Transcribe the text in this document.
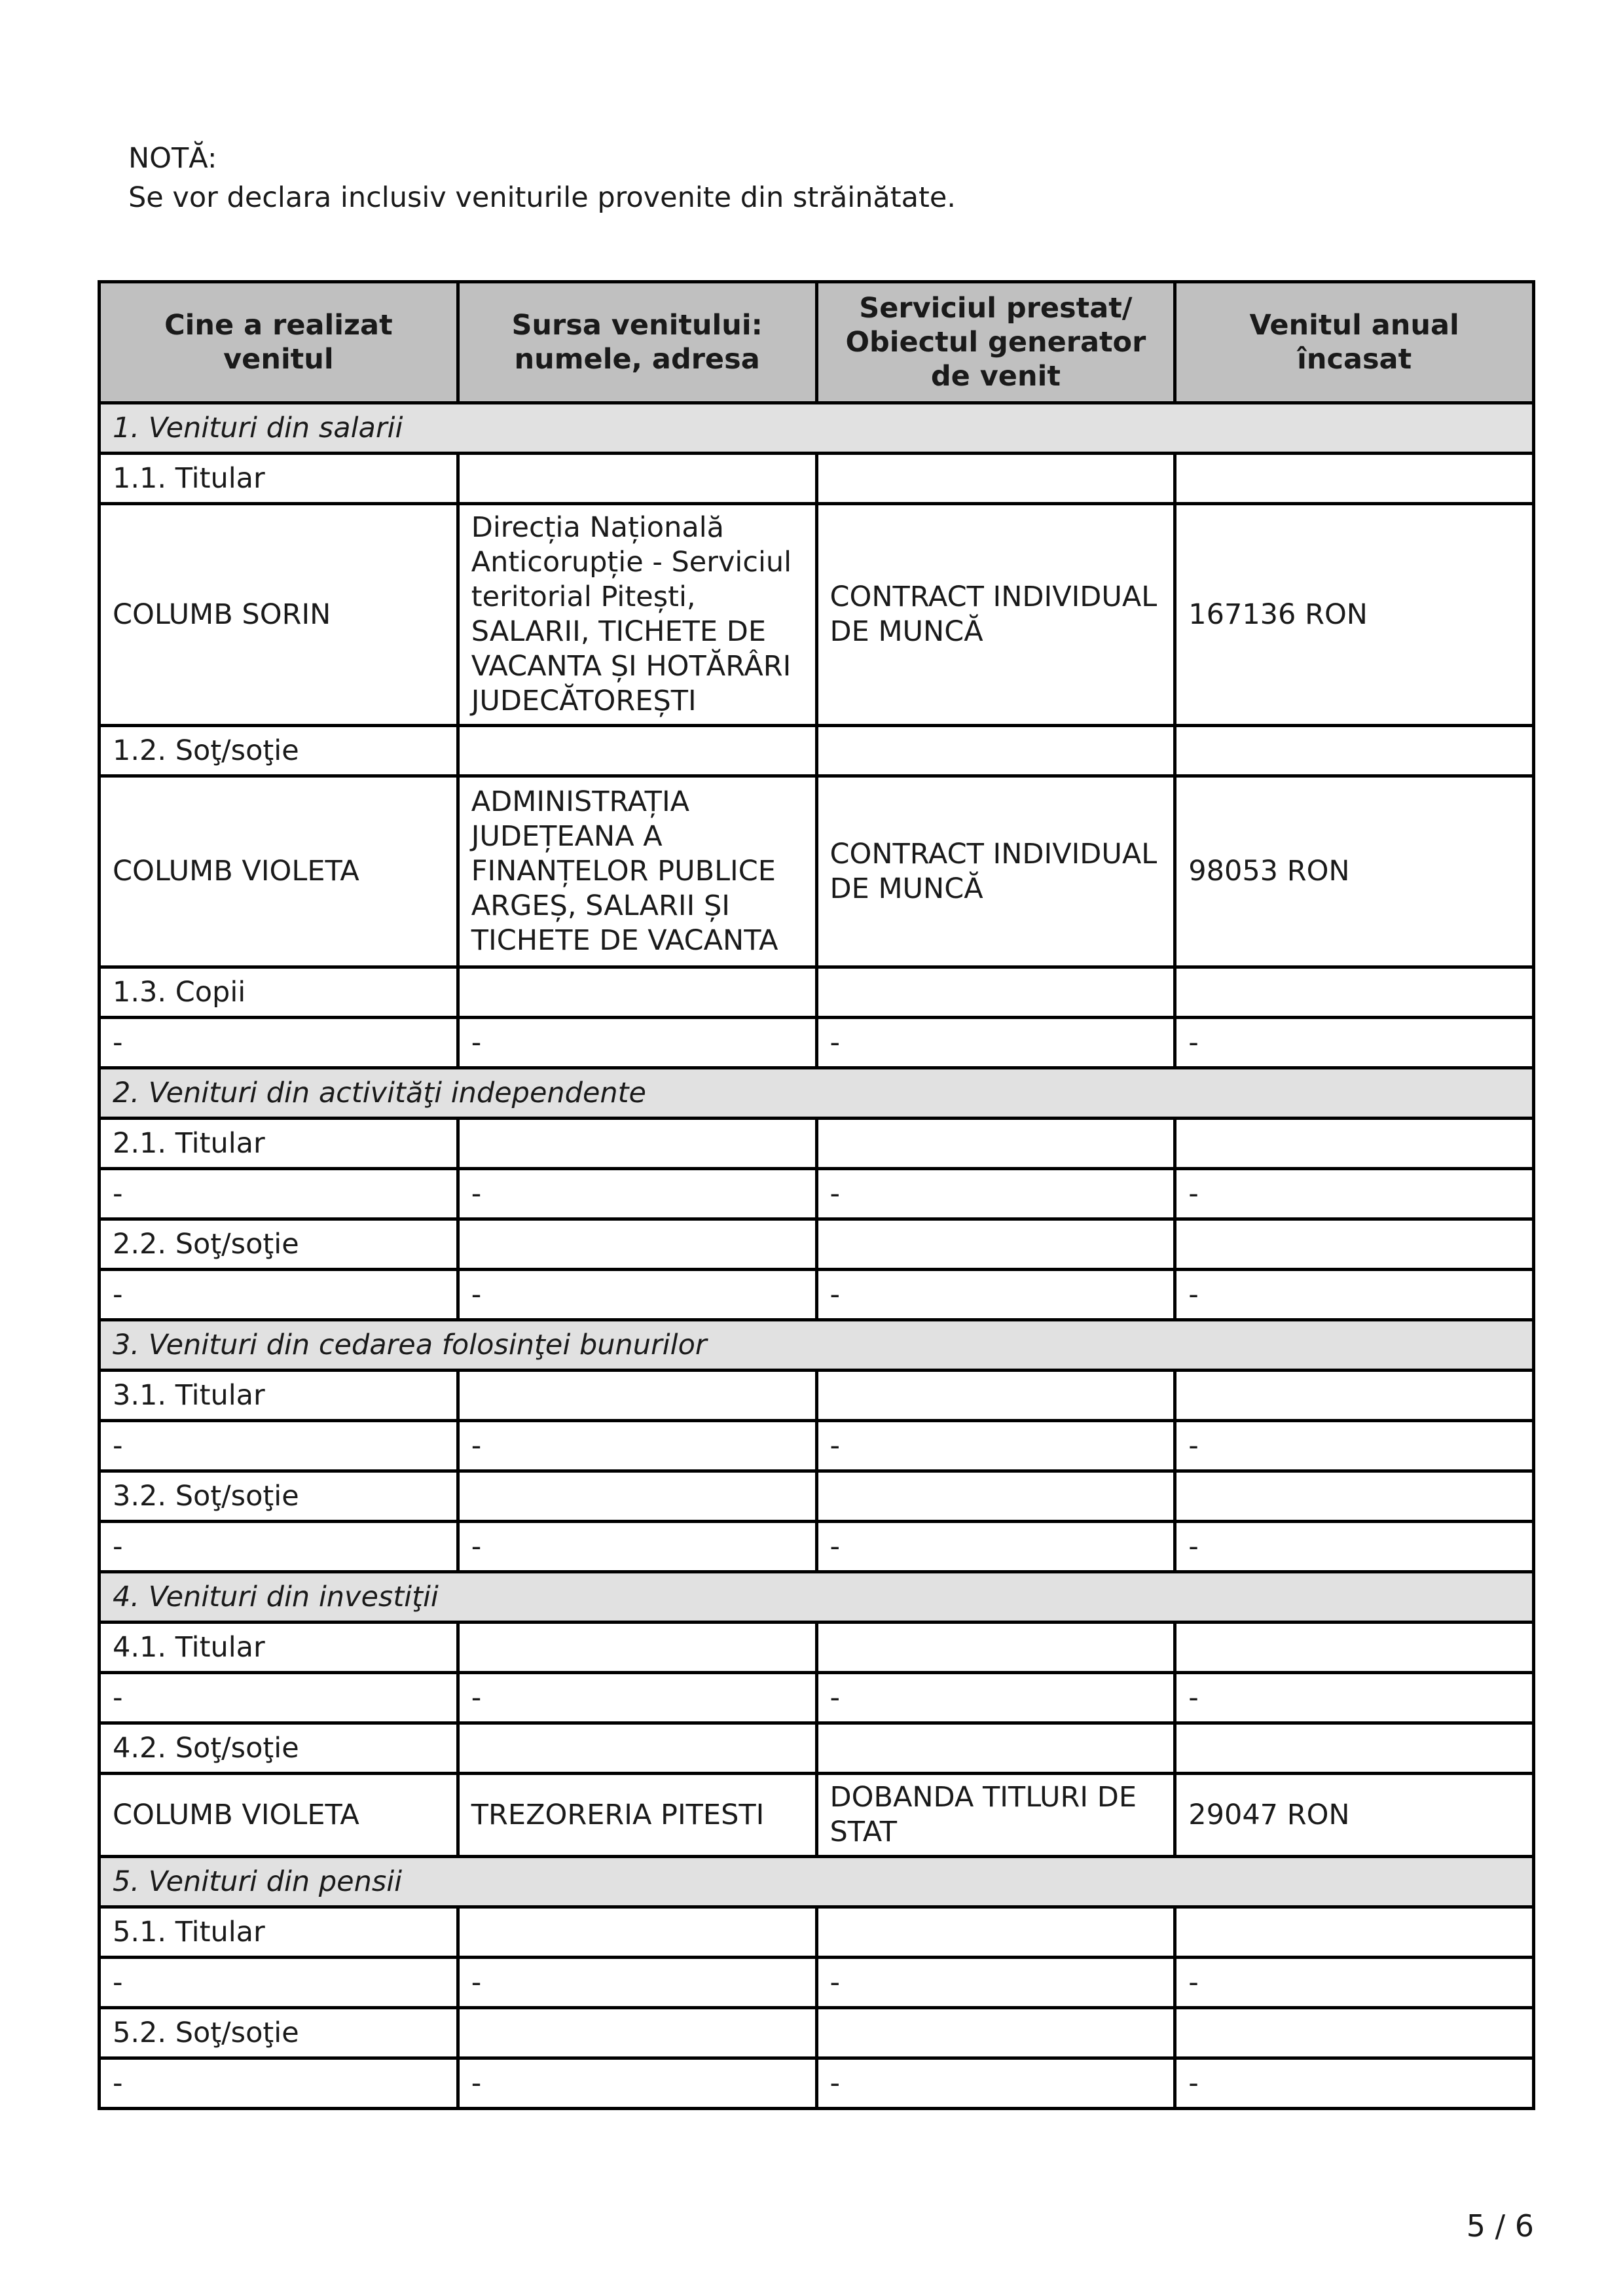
NOTĂ:
Se vor declara inclusiv veniturile provenite din străinătate.
Cine a realizat venitul	Sursa venitului: numele, adresa	Serviciul prestat/ Obiectul generator de venit	Venitul anual încasat
1. Venituri din salarii			
1.1. Titular			
COLUMB SORIN	Direcția Națională Anticorupție - Serviciul teritorial Pitești, SALARII, TICHETE DE VACANTA ȘI HOTĂRÂRI JUDECĂTOREȘTI	CONTRACT INDIVIDUAL DE MUNCĂ	167136 RON
1.2. Soţ/soţie			
COLUMB VIOLETA	ADMINISTRAȚIA JUDEȚEANA A FINANȚELOR PUBLICE ARGEȘ, SALARII ȘI TICHETE DE VACANTA	CONTRACT INDIVIDUAL DE MUNCĂ	98053 RON
1.3. Copii			
-	-	-	-
2. Venituri din activităţi independente			
2.1. Titular			
-	-	-	-
2.2. Soţ/soţie			
-	-	-	-
3. Venituri din cedarea folosinţei bunurilor			
3.1. Titular			
-	-	-	-
3.2. Soţ/soţie			
-	-	-	-
4. Venituri din investiţii			
4.1. Titular			
-	-	-	-
4.2. Soţ/soţie			
COLUMB VIOLETA	TREZORERIA PITESTI	DOBANDA TITLURI DE STAT	29047 RON
5. Venituri din pensii			
5.1. Titular			
-	-	-	-
5.2. Soţ/soţie			
-	-	-	-
5 / 6
